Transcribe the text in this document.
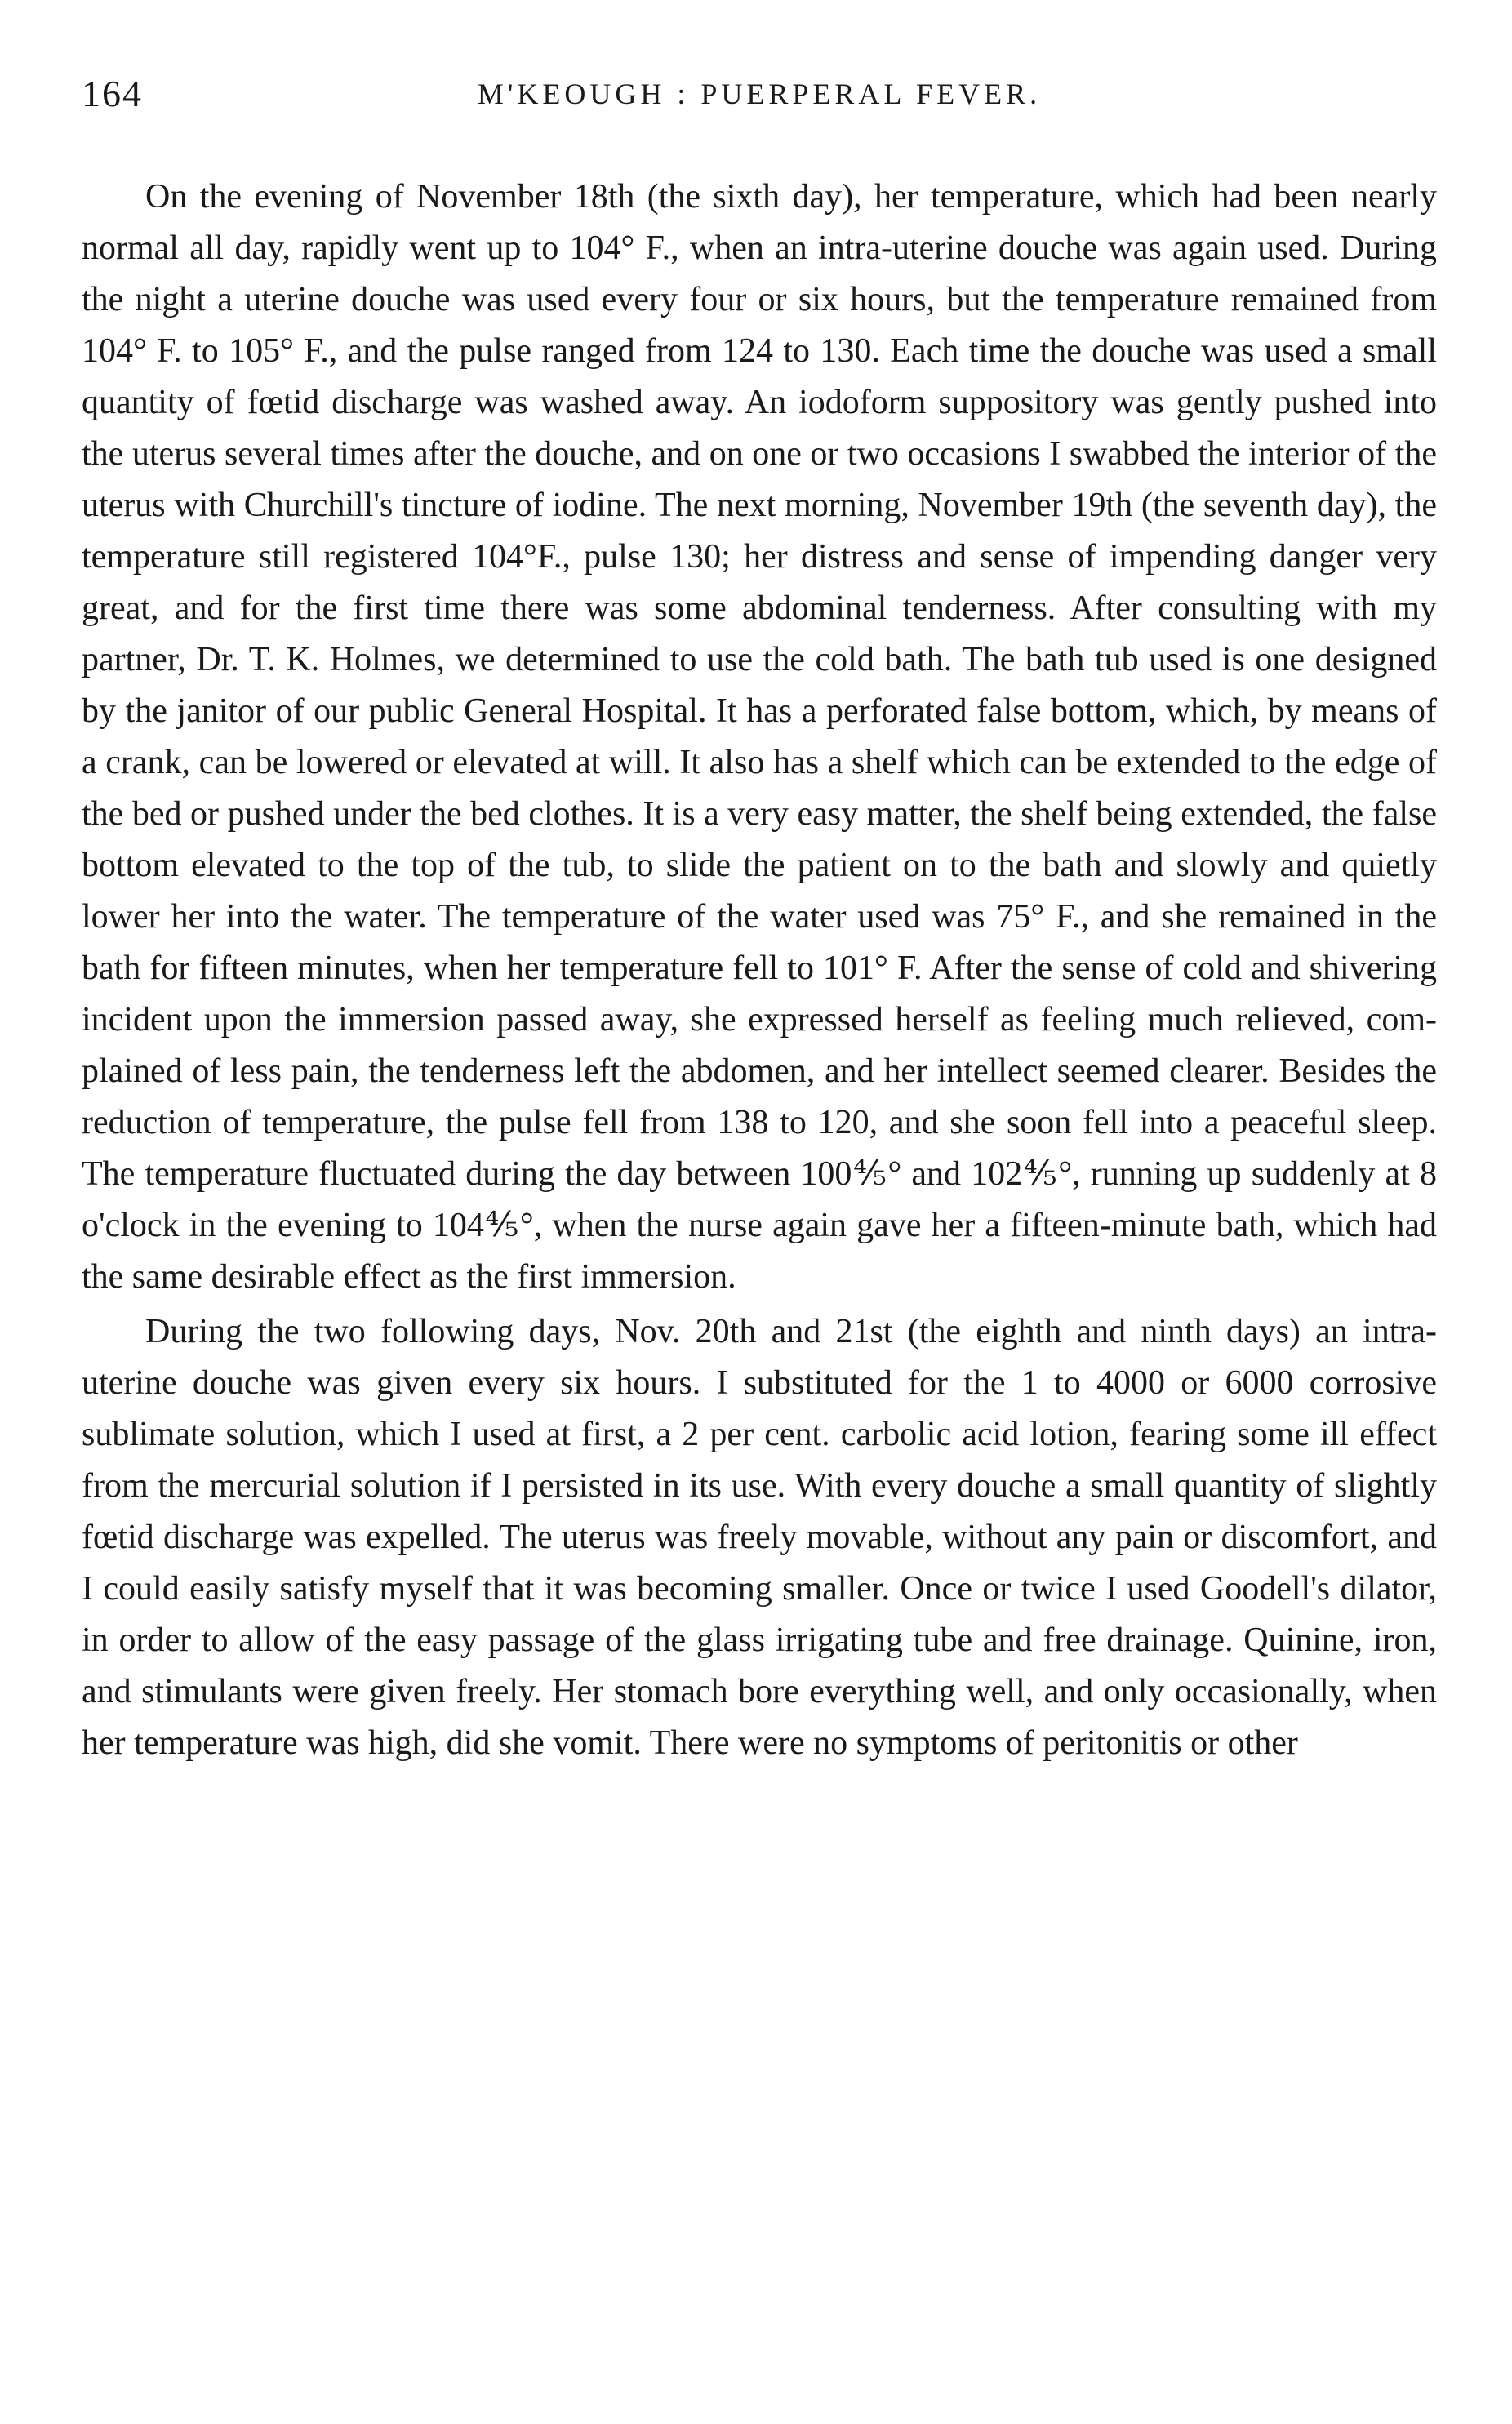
164	M'KEOUGH : PUERPERAL FEVER.

On the evening of November 18th (the sixth day), her temperature, which had been nearly normal all day, rapidly went up to 104° F., when an intra-uterine douche was again used. During the night a uterine douche was used every four or six hours, but the temperature remained from 104° F. to 105° F., and the pulse ranged from 124 to 130. Each time the douche was used a small quantity of fœtid discharge was washed away. An iodoform suppository was gently pushed into the uterus several times after the douche, and on one or two occasions I swabbed the interior of the uterus with Churchill's tincture of iodine. The next morning, November 19th (the seventh day), the temperature still registered 104°F., pulse 130; her distress and sense of impending danger very great, and for the first time there was some abdominal tenderness. After consulting with my partner, Dr. T. K. Holmes, we determined to use the cold bath. The bath tub used is one designed by the janitor of our public General Hospital. It has a perforated false bottom, which, by means of a crank, can be lowered or elevated at will. It also has a shelf which can be extended to the edge of the bed or pushed under the bed clothes. It is a very easy matter, the shelf being extended, the false bottom elevated to the top of the tub, to slide the patient on to the bath and slowly and quietly lower her into the water. The temperature of the water used was 75° F., and she remained in the bath for fifteen minutes, when her temperature fell to 101° F. After the sense of cold and shivering incident upon the immersion passed away, she expressed herself as feeling much relieved, complained of less pain, the tenderness left the abdomen, and her intellect seemed clearer. Besides the reduction of temperature, the pulse fell from 138 to 120, and she soon fell into a peaceful sleep. The temperature fluctuated during the day between 100⅘° and 102⅘°, running up suddenly at 8 o'clock in the evening to 104⅘°, when the nurse again gave her a fifteen-minute bath, which had the same desirable effect as the first immersion.

During the two following days, Nov. 20th and 21st (the eighth and ninth days) an intra-uterine douche was given every six hours. I substituted for the 1 to 4000 or 6000 corrosive sublimate solution, which I used at first, a 2 per cent. carbolic acid lotion, fearing some ill effect from the mercurial solution if I persisted in its use. With every douche a small quantity of slightly fœtid discharge was expelled. The uterus was freely movable, without any pain or discomfort, and I could easily satisfy myself that it was becoming smaller. Once or twice I used Goodell's dilator, in order to allow of the easy passage of the glass irrigating tube and free drainage. Quinine, iron, and stimulants were given freely. Her stomach bore everything well, and only occasionally, when her temperature was high, did she vomit. There were no symptoms of peritonitis or other
